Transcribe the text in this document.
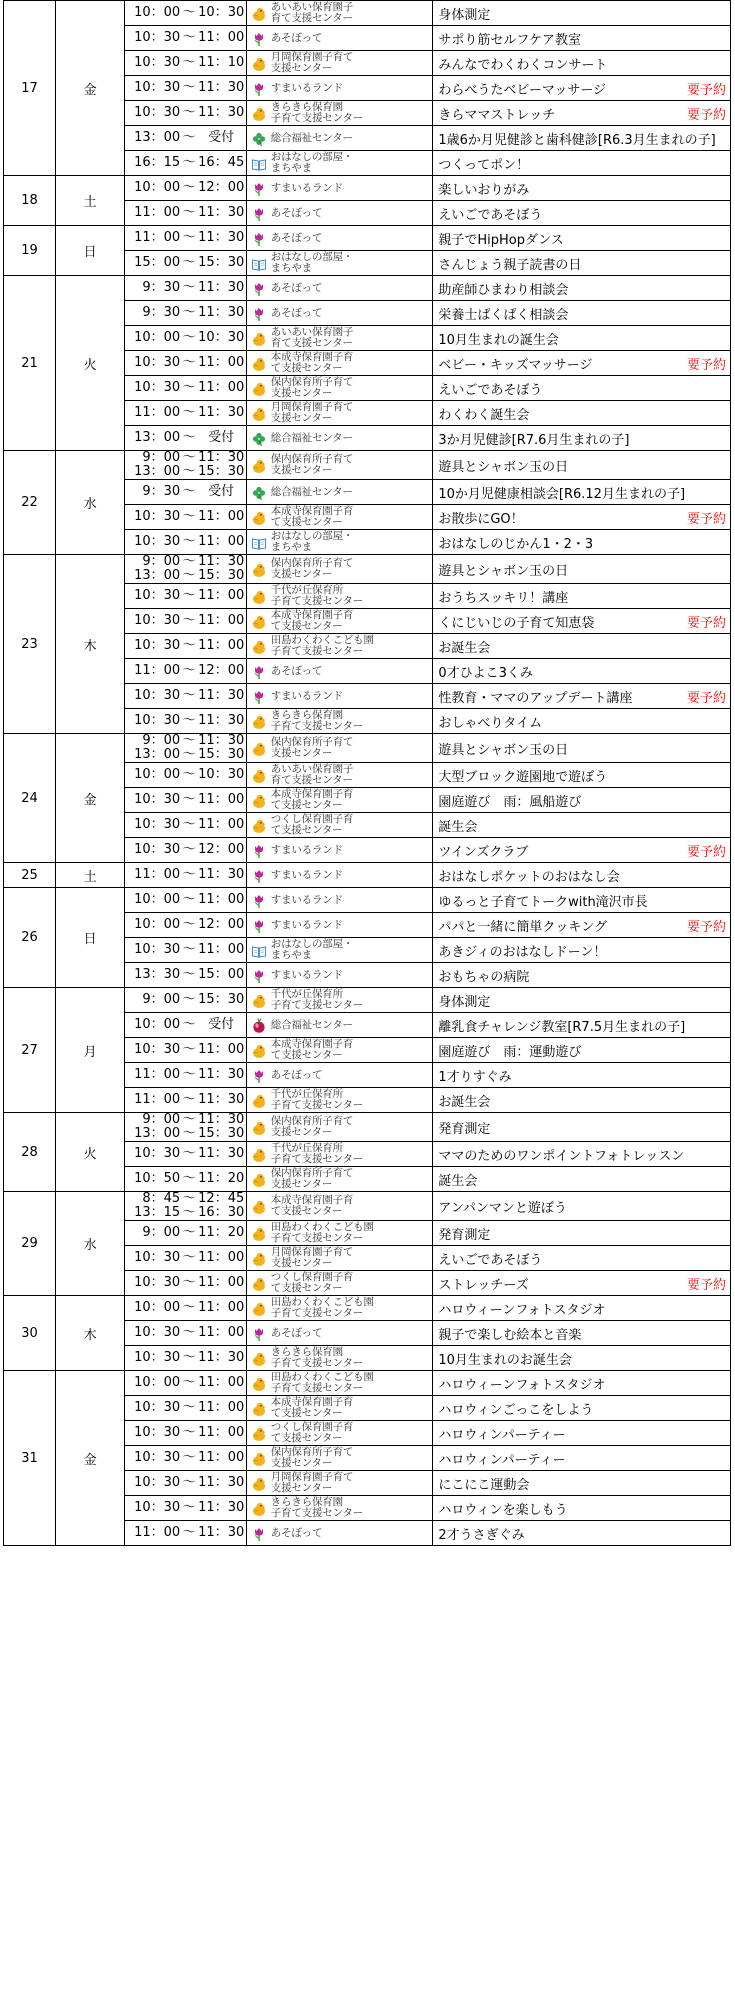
17	金	10：00 ～ 10：30		あいあい保育園子
育て支援センター	身体測定	

		10：30 ～ 11：00		あそぼって	サポり筋セルフケア教室	

		10：30 ～ 11：10		月岡保育園子育て
支援センター	みんなでわくわくコンサート	

		10：30 ～ 11：30		すまいるランド	わらべうたベビーマッサージ	要予約

		10：30 ～ 11：30		きらきら保育園
子育て支援センター	きらママストレッチ	要予約

		13：00 ～ 受付		総合福祉センター	1歳6か月児健診と歯科健診[R6.3月生まれの子]	

		16：15 ～ 16：45		おはなしの部屋・
まちやま	つくってポン！	
18	土	10：00 ～ 12：00		すまいるランド	楽しいおりがみ	

		11：00 ～ 11：30		あそぼって	えいごであそぼう	
19	日	11：00 ～ 11：30		あそぼって	親子でHipHopダンス	

		15：00 ～ 15：30		おはなしの部屋・
まちやま	さんじょう親子読書の日	
21	火	9：30 ～ 11：30		あそぼって	助産師ひまわり相談会	

		9：30 ～ 11：30		あそぼって	栄養士ぱくぱく相談会	

		10：00 ～ 10：30		あいあい保育園子
育て支援センター	10月生まれの誕生会	

		10：30 ～ 11：00		本成寺保育園子育
て支援センター	ベビー・キッズマッサージ	要予約

		10：30 ～ 11：00		保内保育所子育て
支援センター	えいごであそぼう	

		11：00 ～ 11：30		月岡保育園子育て
支援センター	わくわく誕生会	

		13：00 ～ 受付		総合福祉センター	3か月児健診[R7.6月生まれの子]	
22	水	9：00 ～ 11：30
13：00 ～ 15：30		保内保育所子育て
支援センター	遊具とシャボン玉の日	

		9：30 ～ 受付		総合福祉センター	10か月児健康相談会[R6.12月生まれの子]	

		10：30 ～ 11：00		本成寺保育園子育
て支援センター	お散歩にGO！	要予約

		10：30 ～ 11：00		おはなしの部屋・
まちやま	おはなしのじかん1・2・3	
23	木	9：00 ～ 11：30
13：00 ～ 15：30		保内保育所子育て
支援センター	遊具とシャボン玉の日	

		10：30 ～ 11：00		千代が丘保育所
子育て支援センター	おうちスッキリ！講座	

		10：30 ～ 11：00		本成寺保育園子育
て支援センター	くにじいじの子育て知恵袋	要予約

		10：30 ～ 11：00		田島わくわくこども園
子育て支援センター	お誕生会	

		11：00 ～ 12：00		あそぼって	0才ひよこ3くみ	

		10：30 ～ 11：30		すまいるランド	性教育・ママのアップデート講座	要予約

		10：30 ～ 11：30		きらきら保育園
子育て支援センター	おしゃべりタイム	
24	金	9：00 ～ 11：30
13：00 ～ 15：30		保内保育所子育て
支援センター	遊具とシャボン玉の日	

		10：00 ～ 10：30		あいあい保育園子
育て支援センター	大型ブロック遊園地で遊ぼう	

		10：30 ～ 11：00		本成寺保育園子育
て支援センター	園庭遊び　雨：風船遊び	

		10：30 ～ 11：00		つくし保育園子育
て支援センター	誕生会	

		10：30 ～ 12：00		すまいるランド	ツインズクラブ	要予約
25	土	11：00 ～ 11：30		すまいるランド	おはなしポケットのおはなし会	
26	日	10：00 ～ 11：00		すまいるランド	ゆるっと子育てトークwith滝沢市長	

		10：00 ～ 12：00		すまいるランド	パパと一緒に簡単クッキング	要予約

		10：30 ～ 11：00		おはなしの部屋・
まちやま	あきジィのおはなしドーン！	

		13：30 ～ 15：00		すまいるランド	おもちゃの病院	
27	月	9：00 ～ 15：30		千代が丘保育所
子育て支援センター	身体測定	

		10：00 ～ 受付		総合福祉センター	離乳食チャレンジ教室[R7.5月生まれの子]	

		10：30 ～ 11：00		本成寺保育園子育
て支援センター	園庭遊び　雨：運動遊び	

		11：00 ～ 11：30		あそぼって	1才りすぐみ	

		11：00 ～ 11：30		千代が丘保育所
子育て支援センター	お誕生会	
28	火	9：00 ～ 11：30
13：00 ～ 15：30		保内保育所子育て
支援センター	発育測定	

		10：30 ～ 11：30		千代が丘保育所
子育て支援センター	ママのためのワンポイントフォトレッスン	

		10：50 ～ 11：20		保内保育所子育て
支援センター	誕生会	
29	水	8：45 ～ 12：45
13：15 ～ 16：30		本成寺保育園子育
て支援センター	アンパンマンと遊ぼう	

		9：00 ～ 11：20		田島わくわくこども園
子育て支援センター	発育測定	

		10：30 ～ 11：00		月岡保育園子育て
支援センター	えいごであそぼう	

		10：30 ～ 11：00		つくし保育園子育
て支援センター	ストレッチーズ	要予約
30	木	10：00 ～ 11：00		田島わくわくこども園
子育て支援センター	ハロウィーンフォトスタジオ	

		10：30 ～ 11：00		あそぼって	親子で楽しむ絵本と音楽	

		10：30 ～ 11：30		きらきら保育園
子育て支援センター	10月生まれのお誕生会	
31	金	10：00 ～ 11：00		田島わくわくこども園
子育て支援センター	ハロウィーンフォトスタジオ	

		10：30 ～ 11：00		本成寺保育園子育
て支援センター	ハロウィンごっこをしよう	

		10：30 ～ 11：00		つくし保育園子育
て支援センター	ハロウィンパーティー	

		10：30 ～ 11：00		保内保育所子育て
支援センター	ハロウィンパーティー	

		10：30 ～ 11：30		月岡保育園子育て
支援センター	にこにこ運動会	

		10：30 ～ 11：30		きらきら保育園
子育て支援センター	ハロウィンを楽しもう	

		11：00 ～ 11：30		あそぼって	2才うさぎぐみ	
